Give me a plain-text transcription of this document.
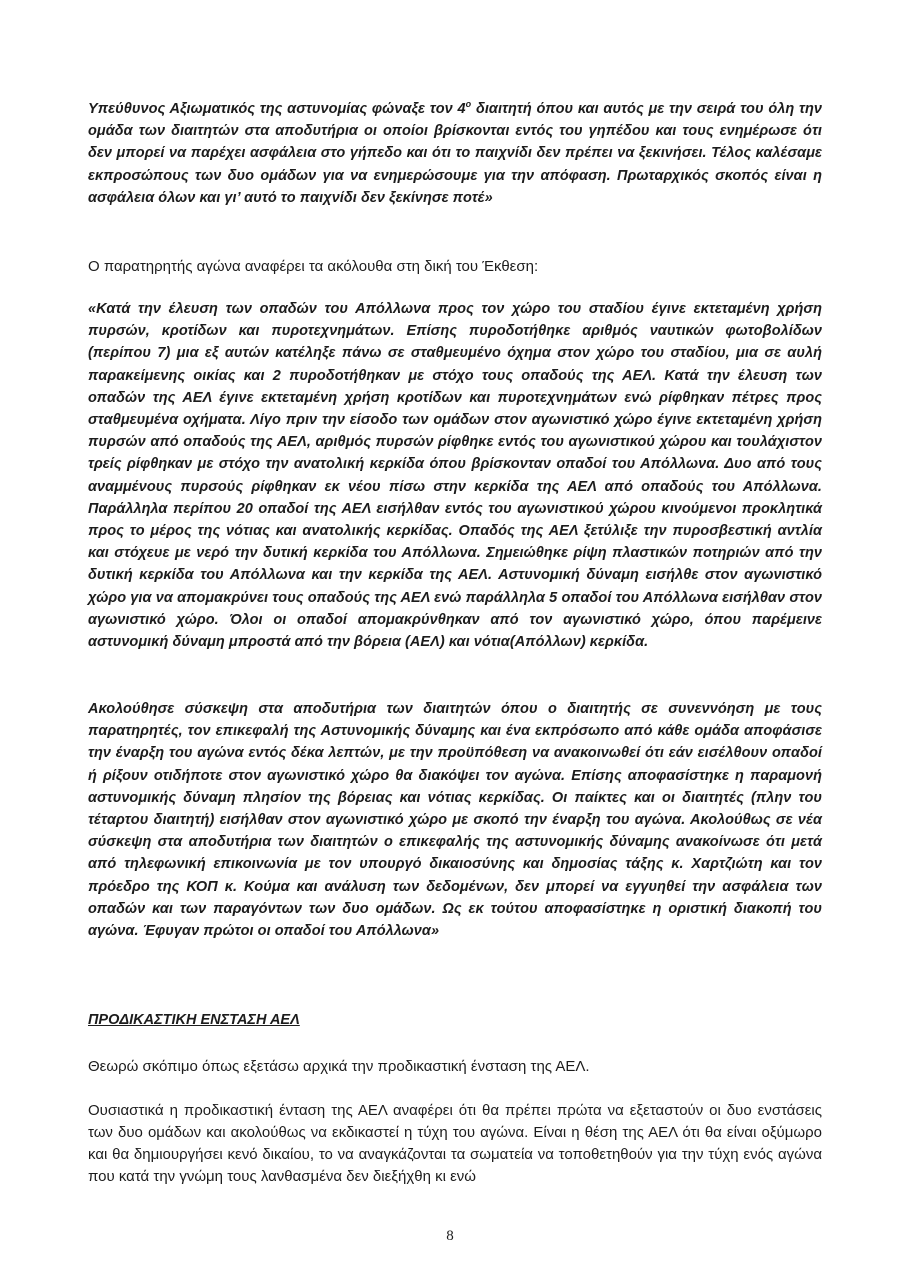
Υπεύθυνος Αξιωματικός της αστυνομίας φώναξε τον $4^o$ διαιτητή όπου και αυτός με την σειρά του όλη την ομάδα των διαιτητών στα αποδυτήρια οι οποίοι βρίσκονται εντός του γηπέδου και τους ενημέρωσε ότι δεν μπορεί να παρέχει ασφάλεια στο γήπεδο και ότι το παιχνίδι δεν πρέπει να ξεκινήσει. Τέλος καλέσαμε εκπροσώπους των δυο ομάδων για να ενημερώσουμε για την απόφαση. Πρωταρχικός σκοπός είναι η ασφάλεια όλων και γι’ αυτό το παιχνίδι δεν ξεκίνησε ποτέ»

Ο παρατηρητής αγώνα αναφέρει τα ακόλουθα στη δική του Έκθεση:

«Κατά την έλευση των οπαδών του Απόλλωνα προς τον χώρο του σταδίου έγινε εκτεταμένη χρήση πυρσών, κροτίδων και πυροτεχνημάτων. Επίσης πυροδοτήθηκε αριθμός ναυτικών φωτοβολίδων (περίπου 7) μια εξ αυτών κατέληξε πάνω σε σταθμευμένο όχημα στον χώρο του σταδίου, μια σε αυλή παρακείμενης οικίας και 2 πυροδοτήθηκαν με στόχο τους οπαδούς της ΑΕΛ. Κατά την έλευση των οπαδών της ΑΕΛ έγινε εκτεταμένη χρήση κροτίδων και πυροτεχνημάτων ενώ ρίφθηκαν πέτρες προς σταθμευμένα οχήματα. Λίγο πριν την είσοδο των ομάδων στον αγωνιστικό χώρο έγινε εκτεταμένη χρήση πυρσών από οπαδούς της ΑΕΛ, αριθμός πυρσών ρίφθηκε εντός του αγωνιστικού χώρου και τουλάχιστον τρείς ρίφθηκαν με στόχο την ανατολική κερκίδα όπου βρίσκονταν οπαδοί του Απόλλωνα. Δυο από τους αναμμένους πυρσούς ρίφθηκαν εκ νέου πίσω στην κερκίδα της ΑΕΛ από οπαδούς του Απόλλωνα. Παράλληλα περίπου 20 οπαδοί της ΑΕΛ εισήλθαν εντός του αγωνιστικού χώρου κινούμενοι προκλητικά προς το μέρος της νότιας και ανατολικής κερκίδας. Οπαδός της ΑΕΛ ξετύλιξε την πυροσβεστική αντλία και στόχευε με νερό την δυτική κερκίδα του Απόλλωνα. Σημειώθηκε ρίψη πλαστικών ποτηριών από την δυτική κερκίδα του Απόλλωνα και την κερκίδα της ΑΕΛ. Αστυνομική δύναμη εισήλθε στον αγωνιστικό χώρο για να απομακρύνει τους οπαδούς της ΑΕΛ ενώ παράλληλα 5 οπαδοί του Απόλλωνα εισήλθαν στον αγωνιστικό χώρο. Όλοι οι οπαδοί απομακρύνθηκαν από τον αγωνιστικό χώρο, όπου παρέμεινε αστυνομική δύναμη μπροστά από την βόρεια (ΑΕΛ) και νότια(Απόλλων) κερκίδα.

Ακολούθησε σύσκεψη στα αποδυτήρια των διαιτητών όπου ο διαιτητής σε συνεννόηση με τους παρατηρητές, τον επικεφαλή της Αστυνομικής δύναμης και ένα εκπρόσωπο από κάθε ομάδα αποφάσισε την έναρξη του αγώνα εντός δέκα λεπτών, με την προϋπόθεση να ανακοινωθεί ότι εάν εισέλθουν οπαδοί ή ρίξουν οτιδήποτε στον αγωνιστικό χώρο θα διακόψει τον αγώνα. Επίσης αποφασίστηκε η παραμονή αστυνομικής δύναμη πλησίον της βόρειας και νότιας κερκίδας. Οι παίκτες και οι διαιτητές (πλην του τέταρτου διαιτητή) εισήλθαν στον αγωνιστικό χώρο με σκοπό την έναρξη του αγώνα. Ακολούθως σε νέα σύσκεψη στα αποδυτήρια των διαιτητών ο επικεφαλής της αστυνομικής δύναμης ανακοίνωσε ότι μετά από τηλεφωνική επικοινωνία με τον υπουργό δικαιοσύνης και δημοσίας τάξης κ. Χαρτζιώτη και τον πρόεδρο της ΚΟΠ κ. Κούμα και ανάλυση των δεδομένων, δεν μπορεί να εγγυηθεί την ασφάλεια των οπαδών και των παραγόντων των δυο ομάδων. Ως εκ τούτου αποφασίστηκε η οριστική διακοπή του αγώνα. Έφυγαν πρώτοι οι οπαδοί του Απόλλωνα»

ΠΡΟΔΙΚΑΣΤΙΚΗ ΕΝΣΤΑΣΗ ΑΕΛ

Θεωρώ σκόπιμο όπως εξετάσω αρχικά την προδικαστική ένσταση της ΑΕΛ.

Ουσιαστικά η προδικαστική ένταση της ΑΕΛ αναφέρει ότι θα πρέπει πρώτα να εξεταστούν οι δυο ενστάσεις των δυο ομάδων και ακολούθως να εκδικαστεί η τύχη του αγώνα. Είναι η θέση της ΑΕΛ ότι θα είναι οξύμωρο και θα δημιουργήσει κενό δικαίου, το να αναγκάζονται τα σωματεία να τοποθετηθούν για την τύχη ενός αγώνα που κατά την γνώμη τους λανθασμένα δεν διεξήχθη κι ενώ

8
